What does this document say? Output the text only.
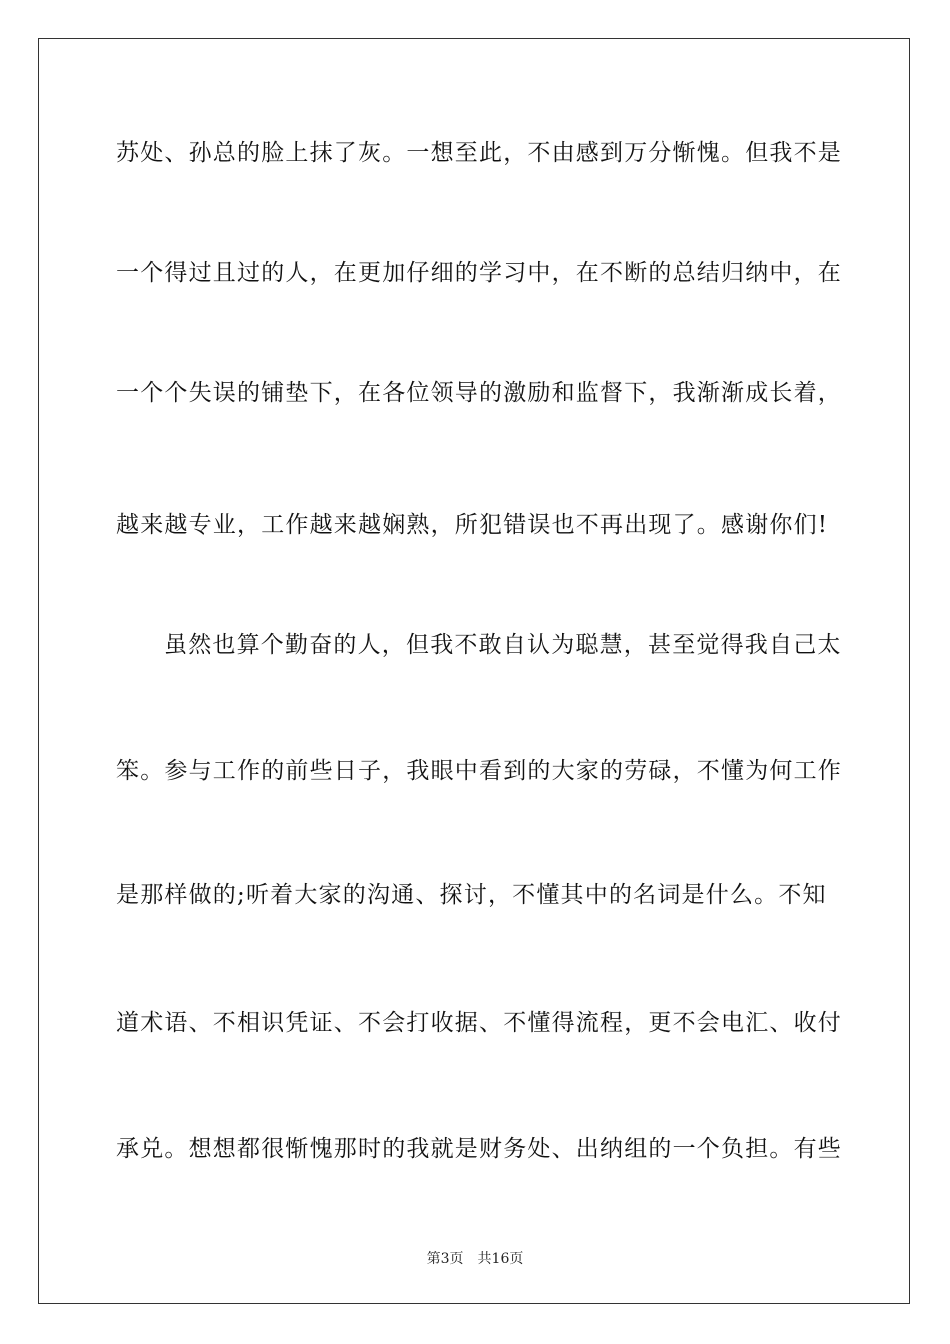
苏处、孙总的脸上抹了灰。一想至此，不由感到万分惭愧。但我不是
一个得过且过的人，在更加仔细的学习中，在不断的总结归纳中，在
一个个失误的铺垫下，在各位领导的激励和监督下，我渐渐成长着，
越来越专业，工作越来越娴熟，所犯错误也不再出现了。感谢你们!
虽然也算个勤奋的人，但我不敢自认为聪慧，甚至觉得我自己太
笨。参与工作的前些日子，我眼中看到的大家的劳碌，不懂为何工作
是那样做的;听着大家的沟通、探讨，不懂其中的名词是什么。不知
道术语、不相识凭证、不会打收据、不懂得流程，更不会电汇、收付
承兑。想想都很惭愧那时的我就是财务处、出纳组的一个负担。有些
第3页 共16页
